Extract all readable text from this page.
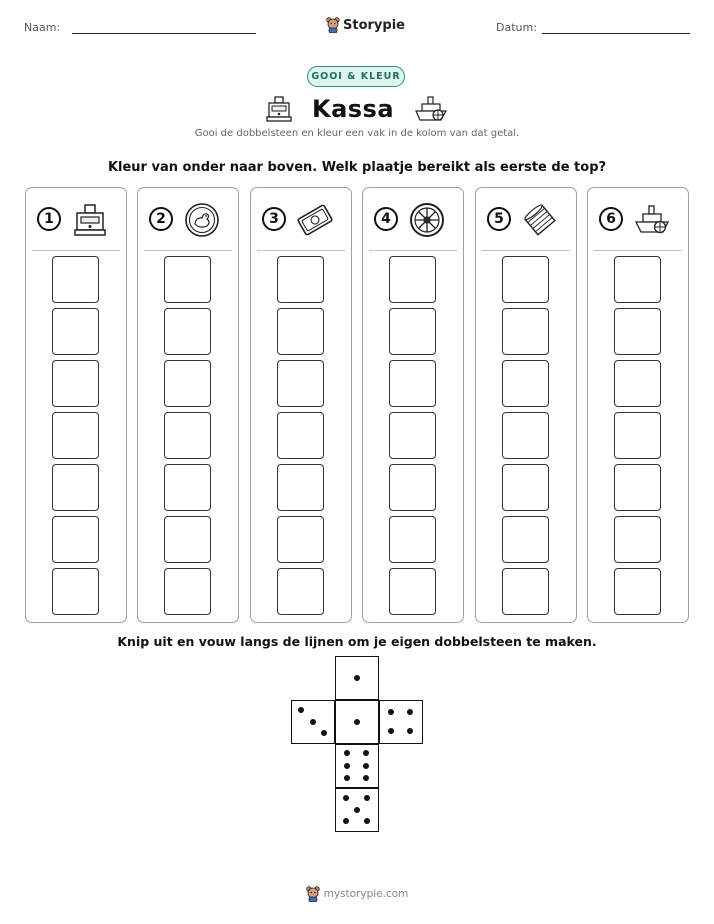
Naam:	Storypie	Datum:
GOOI & KLEUR
Kassa
Gooi de dobbelsteen en kleur een vak in de kolom van dat getal.
Kleur van onder naar boven. Welk plaatje bereikt als eerste de top?
1	2	3	4	5	6
Knip uit en vouw langs de lijnen om je eigen dobbelsteen te maken.
mystorypie.com
